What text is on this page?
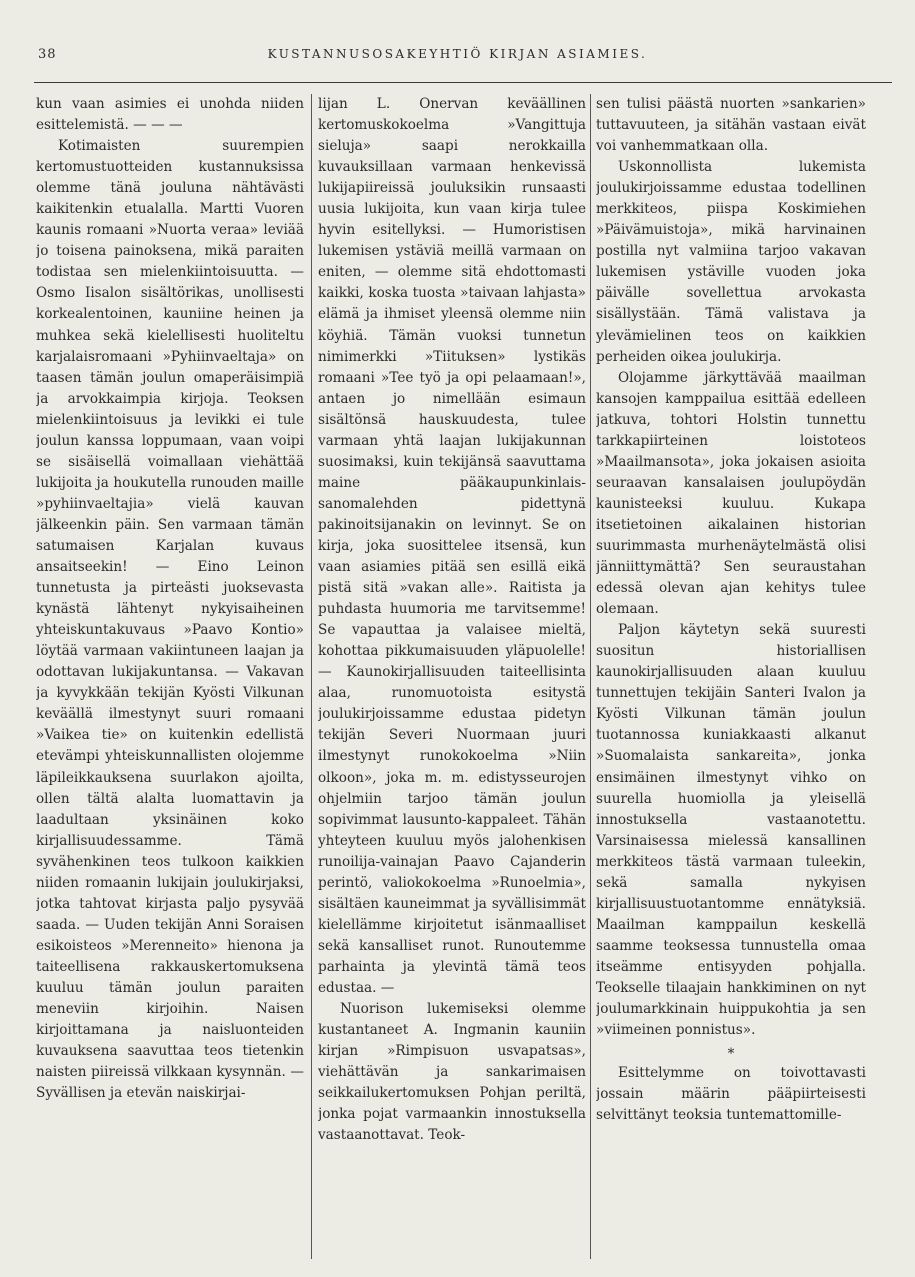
38	KUSTANNUSOSAKEYHTIÖ KIRJAN ASIAMIES.

kun vaan asimies ei unohda niiden esittelemistä. — — —

Kotimaisten suurempien kertomustuotteiden kustannuksissa olemme tänä jouluna nähtävästi kaikitenkin etualalla. Martti Vuoren kaunis romaani »Nuorta veraa» leviää jo toisena painoksena, mikä paraiten todistaa sen mielenkiintoisuutta. — Osmo Iisalon sisältörikas, unollisesti korkealentoinen, kauniine heinen ja muhkea sekä kielellisesti huoliteltu karjalaisromaani »Pyhiinvaeltaja» on taasen tämän joulun omaperäisimpiä ja arvokkaimpia kirjoja. Teoksen mielenkiintoisuus ja levikki ei tule joulun kanssa loppumaan, vaan voipi se sisäisellä voimallaan viehättää lukijoita ja houkutella runouden maille »pyhiinvaeltajia» vielä kauvan jälkeenkin päin. Sen varmaan tämän satumaisen Karjalan kuvaus ansaitseekin! — Eino Leinon tunnetusta ja pirteästi juoksevasta kynästä lähtenyt nykyisaiheinen yhteiskuntakuvaus »Paavo Kontio» löytää varmaan vakiintuneen laajan ja odottavan lukijakuntansa. — Vakavan ja kyvykkään tekijän Kyösti Vilkunan keväällä ilmestynyt suuri romaani »Vaikea tie» on kuitenkin edellistä etevämpi yhteiskunnallisten olojemme läpileikkauksena suurlakon ajoilta, ollen tältä alalta luomattavin ja laadultaan yksinäinen koko kirjallisuudessamme. Tämä syvähenkinen teos tulkoon kaikkien niiden romaanin lukijain joulukirjaksi, jotka tahtovat kirjasta paljo pysyvää saada. — Uuden tekijän Anni Soraisen esikoisteos »Merenneito» hienona ja taiteellisena rakkauskertomuksena kuuluu tämän joulun paraiten meneviin kirjoihin. Naisen kirjoittamana ja naisluonteiden kuvauksena saavuttaa teos tietenkin naisten piireissä vilkkaan kysynnän. — Syvällisen ja etevän naiskirjai-

lijan L. Onervan keväällinen kertomuskokoelma »Vangittuja sieluja» saapi nerokkailla kuvauksillaan varmaan henkevissä lukijapiireissä jouluksikin runsaasti uusia lukijoita, kun vaan kirja tulee hyvin esitellyksi. — Humoristisen lukemisen ystäviä meillä varmaan on eniten, — olemme sitä ehdottomasti kaikki, koska tuosta »taivaan lahjasta» elämä ja ihmiset yleensä olemme niin köyhiä. Tämän vuoksi tunnetun nimimerkki »Tiituksen» lystikäs romaani »Tee työ ja opi pelaamaan!», antaen jo nimellään esimaun sisältönsä hauskuudesta, tulee varmaan yhtä laajan lukijakunnan suosimaksi, kuin tekijänsä saavuttama maine pääkaupunkinlais-sanomalehden pidettynä pakinoitsijanakin on levinnyt. Se on kirja, joka suosittelee itsensä, kun vaan asiamies pitää sen esillä eikä pistä sitä »vakan alle». Raitista ja puhdasta huumoria me tarvitsemme! Se vapauttaa ja valaisee mieltä, kohottaa pikkumaisuuden yläpuolelle! — Kaunokirjallisuuden taiteellisinta alaa, runomuotoista esitystä joulukirjoissamme edustaa pidetyn tekijän Severi Nuormaan juuri ilmestynyt runokokoelma »Niin olkoon», joka m. m. edistysseurojen ohjelmiin tarjoo tämän joulun sopivimmat lausunto-kappaleet. Tähän yhteyteen kuuluu myös jalohenkisen runoilija-vainajan Paavo Cajanderin perintö, valiokokoelma »Runoelmia», sisältäen kauneimmat ja syvällisimmät kielellämme kirjoitetut isänmaalliset sekä kansalliset runot. Runoutemme parhainta ja ylevintä tämä teos edustaa. —

Nuorison lukemiseksi olemme kustantaneet A. Ingmanin kauniin kirjan »Rimpisuon usvapatsas», viehättävän ja sankarimaisen seikkailukertomuksen Pohjan periltä, jonka pojat varmaankin innostuksella vastaanottavat. Teok-

sen tulisi päästä nuorten »sankarien» tuttavuuteen, ja sitähän vastaan eivät voi vanhemmatkaan olla.

Uskonnollista lukemista joulukirjoissamme edustaa todellinen merkkiteos, piispa Koskimiehen »Päivämuistoja», mikä harvinainen postilla nyt valmiina tarjoo vakavan lukemisen ystäville vuoden joka päivälle sovellettua arvokasta sisällystään. Tämä valistava ja ylevämielinen teos on kaikkien perheiden oikea joulukirja.

Olojamme järkyttävää maailman kansojen kamppailua esittää edelleen jatkuva, tohtori Holstin tunnettu tarkkapiirteinen loistoteos »Maailmansota», joka jokaisen asioita seuraavan kansalaisen joulupöydän kaunisteeksi kuuluu. Kukapa itsetietoinen aikalainen historian suurimmasta murhenäytelmästä olisi jänniittymättä? Sen seuraustahan edessä olevan ajan kehitys tulee olemaan.

Paljon käytetyn sekä suuresti suositun historiallisen kaunokirjallisuuden alaan kuuluu tunnettujen tekijäin Santeri Ivalon ja Kyösti Vilkunan tämän joulun tuotannossa kuniakkaasti alkanut »Suomalaista sankareita», jonka ensimäinen ilmestynyt vihko on suurella huomiolla ja yleisellä innostuksella vastaanotettu. Varsinaisessa mielessä kansallinen merkkiteos tästä varmaan tuleekin, sekä samalla nykyisen kirjallisuustuotantomme ennätyksiä. Maailman kamppailun keskellä saamme teoksessa tunnustella omaa itseämme entisyyden pohjalla. Teokselle tilaajain hankkiminen on nyt joulumarkkinain huippukohtia ja sen »viimeinen ponnistus».

*

Esittelymme on toivottavasti jossain määrin pääpiirteisesti selvittänyt teoksia tuntemattomille-
